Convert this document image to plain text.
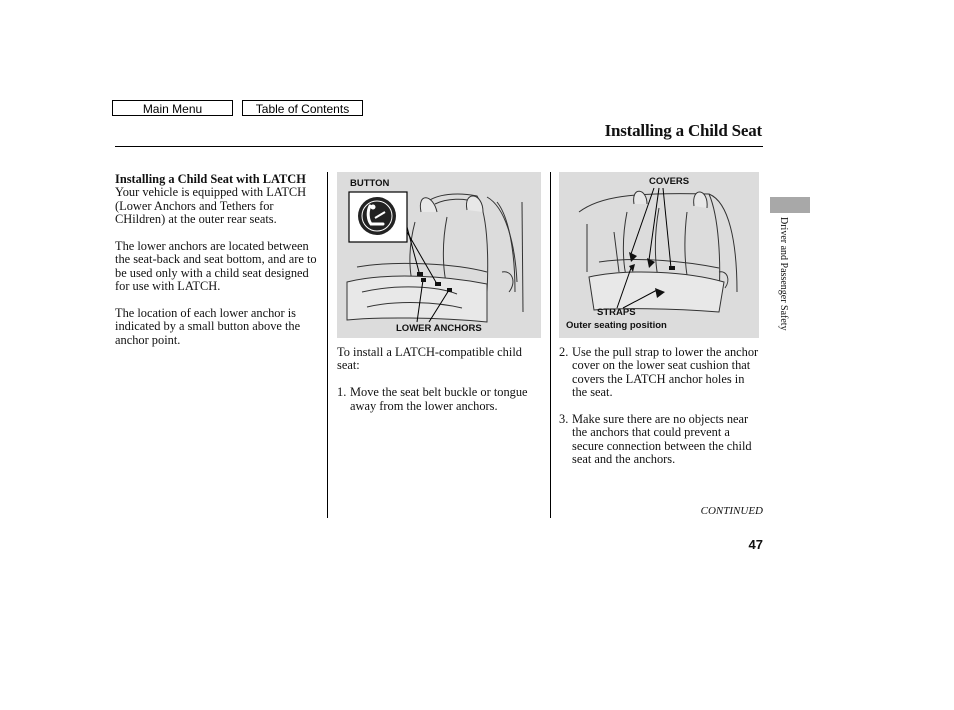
Main Menu	Table of Contents
Installing a Child Seat

Installing a Child Seat with LATCH
Your vehicle is equipped with LATCH (Lower Anchors and Tethers for CHildren) at the outer rear seats.

The lower anchors are located between the seat-back and seat bottom, and are to be used only with a child seat designed for use with LATCH.

The location of each lower anchor is indicated by a small button above the anchor point.

BUTTON
LOWER ANCHORS
COVERS
STRAPS
Outer seating position

To install a LATCH-compatible child seat:

1. Move the seat belt buckle or tongue away from the lower anchors.
2. Use the pull strap to lower the anchor cover on the lower seat cushion that covers the LATCH anchor holes in the seat.
3. Make sure there are no objects near the anchors that could prevent a secure connection between the child seat and the anchors.
Driver and Passenger Safety
CONTINUED
47
